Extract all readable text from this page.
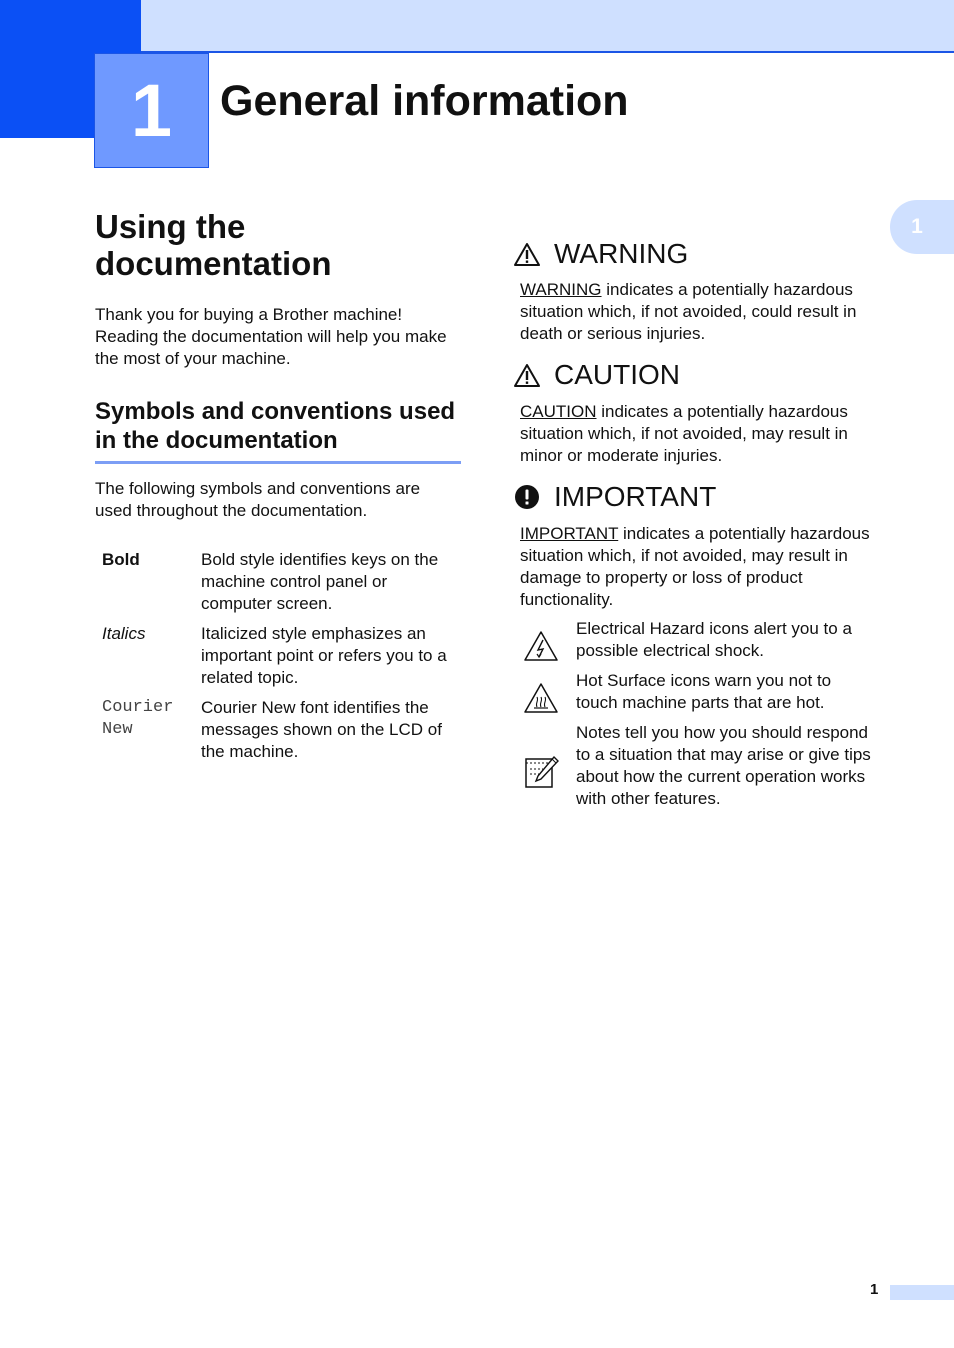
1 General information
1
Using the documentation

Thank you for buying a Brother machine! Reading the documentation will help you make the most of your machine.

Symbols and conventions used in the documentation

The following symbols and conventions are used throughout the documentation.

Bold	Bold style identifies keys on the machine control panel or computer screen.
Italics	Italicized style emphasizes an important point or refers you to a related topic.
Courier New	Courier New font identifies the messages shown on the LCD of the machine.
WARNING

WARNING indicates a potentially hazardous situation which, if not avoided, could result in death or serious injuries.

CAUTION

CAUTION indicates a potentially hazardous situation which, if not avoided, may result in minor or moderate injuries.

IMPORTANT

IMPORTANT indicates a potentially hazardous situation which, if not avoided, may result in damage to property or loss of product functionality.

Electrical Hazard icons alert you to a possible electrical shock.

Hot Surface icons warn you not to touch machine parts that are hot.

Notes tell you how you should respond to a situation that may arise or give tips about how the current operation works with other features.

1
